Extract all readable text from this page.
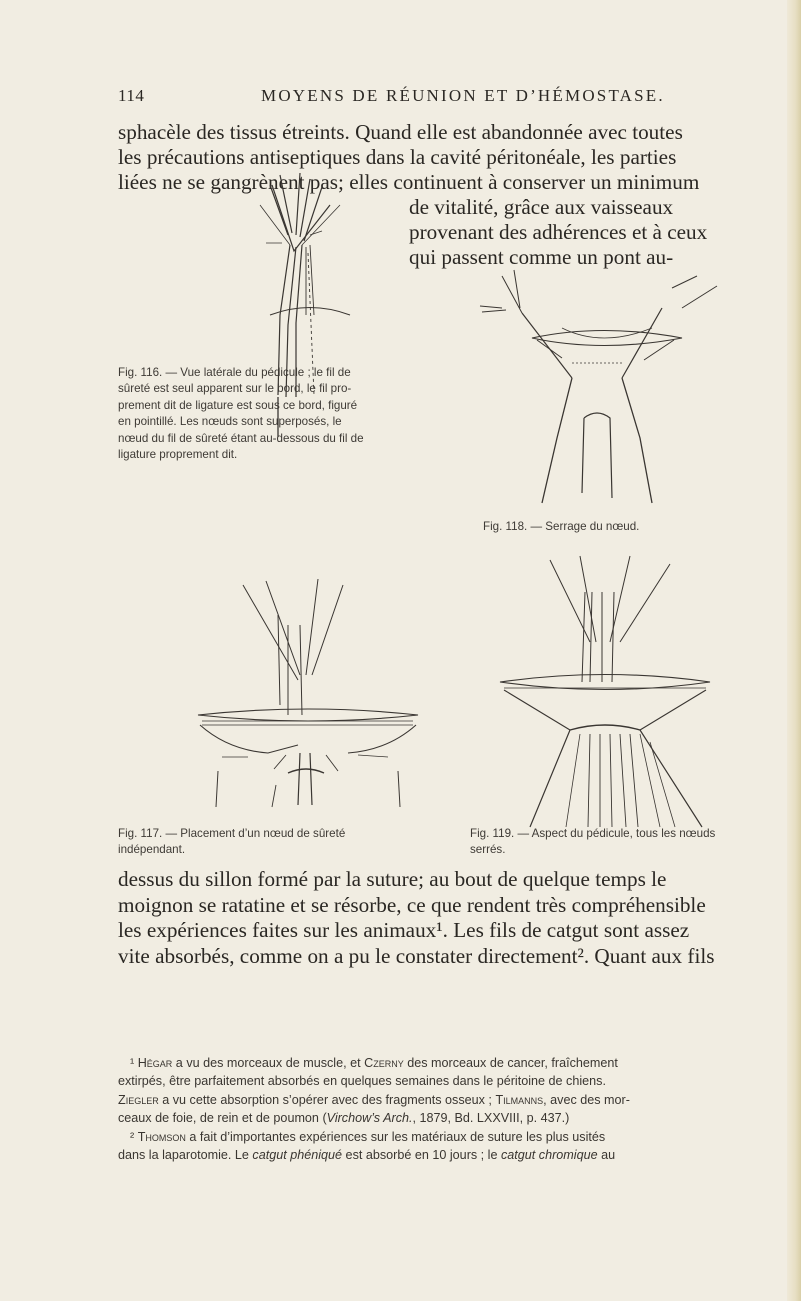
114	MOYENS DE RÉUNION ET D’HÉMOSTASE.
sphacèle des tissus étreints. Quand elle est abandonnée avec toutes
les précautions antiseptiques dans la cavité péritonéale, les parties
liées ne se gangrènent pas; elles continuent à conserver un minimum
de vitalité, grâce aux vaisseaux
provenant des adhérences et à ceux
qui passent comme un pont au-
Fig. 116. — Vue latérale du pédicule ; le fil de
sûreté est seul apparent sur le bord, le fil pro-
prement dit de ligature est sous ce bord, figuré
en pointillé. Les nœuds sont superposés, le
nœud du fil de sûreté étant au-dessous du fil de
ligature proprement dit.
Fig. 118. — Serrage du nœud.
Fig. 117. — Placement d’un nœud de sûreté
indépendant.
Fig. 119. — Aspect du pédicule, tous les nœuds
serrés.
dessus du sillon formé par la suture; au bout de quelque temps le
moignon se ratatine et se résorbe, ce que rendent très compréhensible
les expériences faites sur les animaux¹. Les fils de catgut sont assez
vite absorbés, comme on a pu le constater directement². Quant aux fils
¹ Hégar a vu des morceaux de muscle, et Czerny des morceaux de cancer, fraîchement
extirpés, être parfaitement absorbés en quelques semaines dans le péritoine de chiens.
Ziegler a vu cette absorption s’opérer avec des fragments osseux ; Tilmanns, avec des mor-
ceaux de foie, de rein et de poumon (Virchow’s Arch., 1879, Bd. LXXVIII, p. 437.)
² Thomson a fait d’importantes expériences sur les matériaux de suture les plus usités
dans la laparotomie. Le catgut phéniqué est absorbé en 10 jours ; le catgut chromique au
